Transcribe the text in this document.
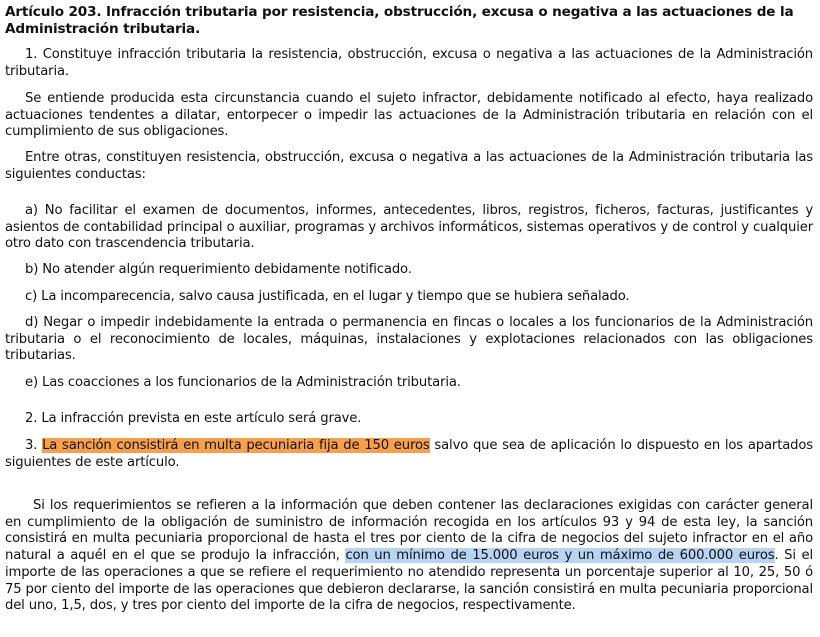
Artículo 203. Infracción tributaria por resistencia, obstrucción, excusa o negativa a las actuaciones de la Administración tributaria.

1. Constituye infracción tributaria la resistencia, obstrucción, excusa o negativa a las actuaciones de la Administración tributaria.

Se entiende producida esta circunstancia cuando el sujeto infractor, debidamente notificado al efecto, haya realizado actuaciones tendentes a dilatar, entorpecer o impedir las actuaciones de la Administración tributaria en relación con el cumplimiento de sus obligaciones.

Entre otras, constituyen resistencia, obstrucción, excusa o negativa a las actuaciones de la Administración tributaria las siguientes conductas:

a) No facilitar el examen de documentos, informes, antecedentes, libros, registros, ficheros, facturas, justificantes y asientos de contabilidad principal o auxiliar, programas y archivos informáticos, sistemas operativos y de control y cualquier otro dato con trascendencia tributaria.

b) No atender algún requerimiento debidamente notificado.

c) La incomparecencia, salvo causa justificada, en el lugar y tiempo que se hubiera señalado.

d) Negar o impedir indebidamente la entrada o permanencia en fincas o locales a los funcionarios de la Administración tributaria o el reconocimiento de locales, máquinas, instalaciones y explotaciones relacionados con las obligaciones tributarias.

e) Las coacciones a los funcionarios de la Administración tributaria.

2. La infracción prevista en este artículo será grave.

3. La sanción consistirá en multa pecuniaria fija de 150 euros salvo que sea de aplicación lo dispuesto en los apartados siguientes de este artículo.

Si los requerimientos se refieren a la información que deben contener las declaraciones exigidas con carácter general en cumplimiento de la obligación de suministro de información recogida en los artículos 93 y 94 de esta ley, la sanción consistirá en multa pecuniaria proporcional de hasta el tres por ciento de la cifra de negocios del sujeto infractor en el año natural a aquél en el que se produjo la infracción, con un mínimo de 15.000 euros y un máximo de 600.000 euros. Si el importe de las operaciones a que se refiere el requerimiento no atendido representa un porcentaje superior al 10, 25, 50 ó 75 por ciento del importe de las operaciones que debieron declararse, la sanción consistirá en multa pecuniaria proporcional del uno, 1,5, dos, y tres por ciento del importe de la cifra de negocios, respectivamente.
